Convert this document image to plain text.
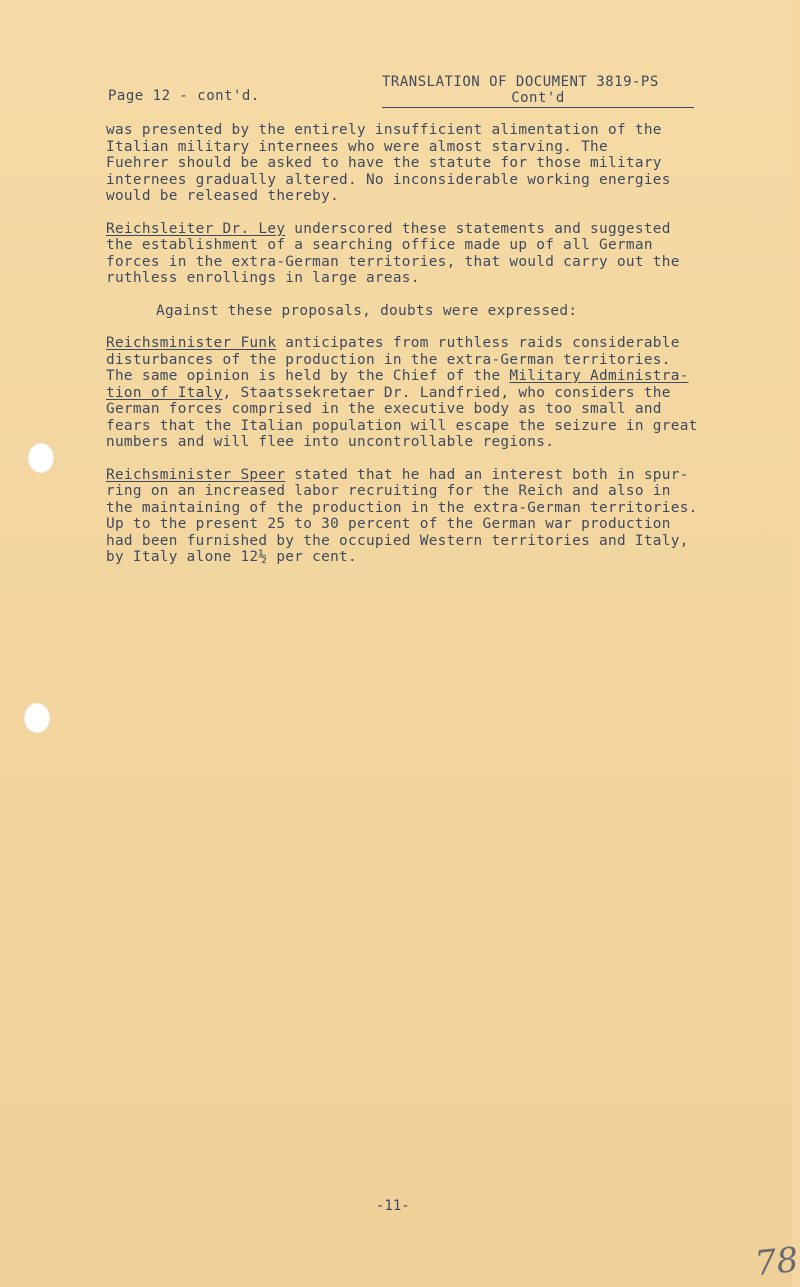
Page 12 - cont'd.
TRANSLATION OF DOCUMENT 3819-PS
Cont'd

was presented by the entirely insufficient alimentation of the
Italian military internees who were almost starving. The
Fuehrer should be asked to have the statute for those military
internees gradually altered. No inconsiderable working energies
would be released thereby.

Reichsleiter Dr. Ley underscored these statements and suggested
the establishment of a searching office made up of all German
forces in the extra-German territories, that would carry out the
ruthless enrollings in large areas.

Against these proposals, doubts were expressed:

Reichsminister Funk anticipates from ruthless raids considerable
disturbances of the production in the extra-German territories.
The same opinion is held by the Chief of the Military Administra-
tion of Italy, Staatssekretaer Dr. Landfried, who considers the
German forces comprised in the executive body as too small and
fears that the Italian population will escape the seizure in great
numbers and will flee into uncontrollable regions.

Reichsminister Speer stated that he had an interest both in spur-
ring on an increased labor recruiting for the Reich and also in
the maintaining of the production in the extra-German territories.
Up to the present 25 to 30 percent of the German war production
had been furnished by the occupied Western territories and Italy,
by Italy alone 12½ per cent.

-11-
78
